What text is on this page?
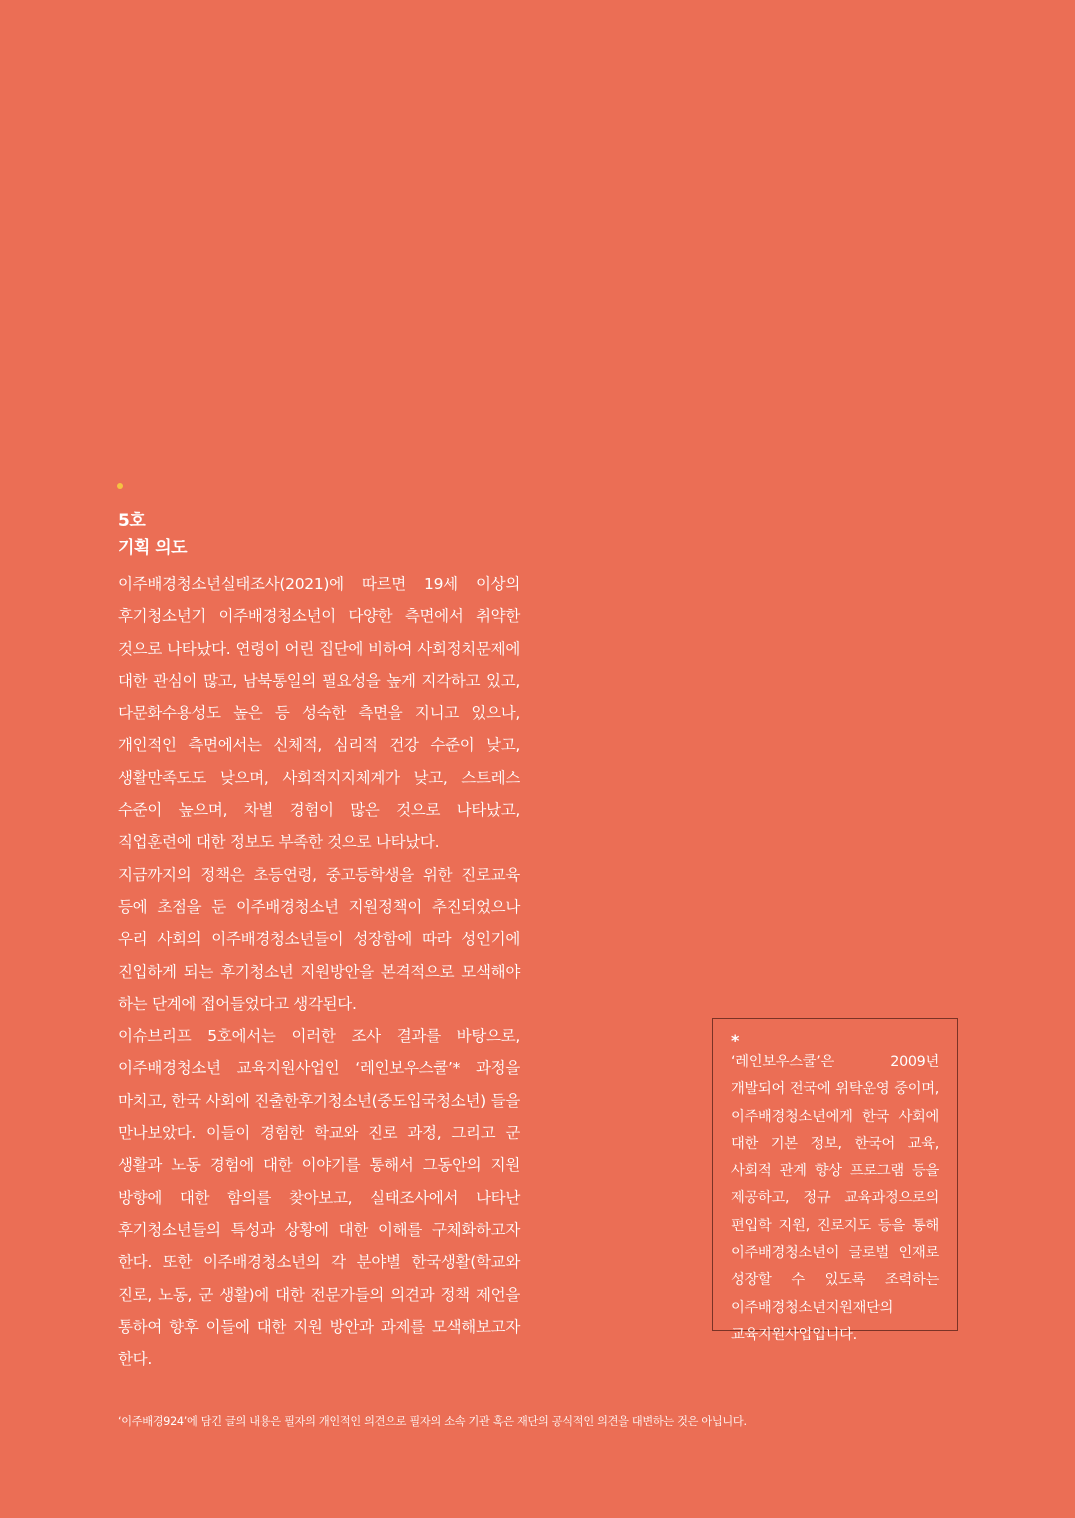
5호
기획 의도

이주배경청소년실태조사(2021)에 따르면 19세 이상의 후기청소년기 이주배경청소년이 다양한 측면에서 취약한 것으로 나타났다. 연령이 어린 집단에 비하여 사회정치문제에 대한 관심이 많고, 남북통일의 필요성을 높게 지각하고 있고, 다문화수용성도 높은 등 성숙한 측면을 지니고 있으나, 개인적인 측면에서는 신체적, 심리적 건강 수준이 낮고, 생활만족도도 낮으며, 사회적지지체계가 낮고, 스트레스 수준이 높으며, 차별 경험이 많은 것으로 나타났고, 직업훈련에 대한 정보도 부족한 것으로 나타났다.

지금까지의 정책은 초등연령, 중고등학생을 위한 진로교육 등에 초점을 둔 이주배경청소년 지원정책이 추진되었으나 우리 사회의 이주배경청소년들이 성장함에 따라 성인기에 진입하게 되는 후기청소년 지원방안을 본격적으로 모색해야 하는 단계에 접어들었다고 생각된다.

이슈브리프 5호에서는 이러한 조사 결과를 바탕으로, 이주배경청소년 교육지원사업인 ‘레인보우스쿨’* 과정을 마치고, 한국 사회에 진출한후기청소년(중도입국청소년) 들을 만나보았다. 이들이 경험한 학교와 진로 과정, 그리고 군 생활과 노동 경험에 대한 이야기를 통해서 그동안의 지원 방향에 대한 함의를 찾아보고, 실태조사에서 나타난 후기청소년들의 특성과 상황에 대한 이해를 구체화하고자 한다. 또한 이주배경청소년의 각 분야별 한국생활(학교와 진로, 노동, 군 생활)에 대한 전문가들의 의견과 정책 제언을 통하여 향후 이들에 대한 지원 방안과 과제를 모색해보고자 한다.

*

‘레인보우스쿨’은 2009년 개발되어 전국에 위탁운영 중이며, 이주배경청소년에게 한국 사회에 대한 기본 정보, 한국어 교육, 사회적 관계 향상 프로그램 등을 제공하고, 정규 교육과정으로의 편입학 지원, 진로지도 등을 통해 이주배경청소년이 글로벌 인재로 성장할 수 있도록 조력하는 이주배경청소년지원재단의 교육지원사업입니다.

‘이주배경924’에 담긴 글의 내용은 필자의 개인적인 의견으로 필자의 소속 기관 혹은 재단의 공식적인 의견을 대변하는 것은 아닙니다.
